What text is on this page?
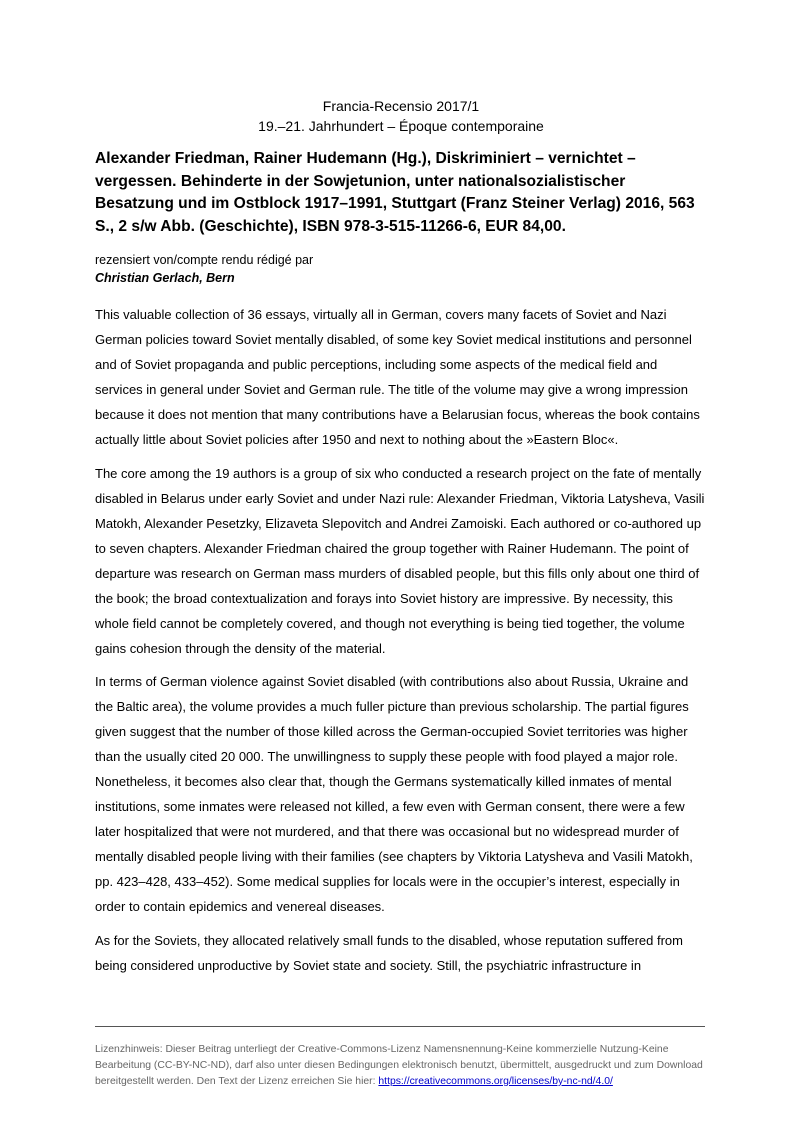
Francia-Recensio 2017/1
19.–21. Jahrhundert – Époque contemporaine
Alexander Friedman, Rainer Hudemann (Hg.), Diskriminiert – vernichtet – vergessen. Behinderte in der Sowjetunion, unter nationalsozialistischer Besatzung und im Ostblock 1917–1991, Stuttgart (Franz Steiner Verlag) 2016, 563 S., 2 s/w Abb. (Geschichte), ISBN 978-3-515-11266-6, EUR 84,00.
rezensiert von/compte rendu rédigé par
Christian Gerlach, Bern

This valuable collection of 36 essays, virtually all in German, covers many facets of Soviet and Nazi German policies toward Soviet mentally disabled, of some key Soviet medical institutions and personnel and of Soviet propaganda and public perceptions, including some aspects of the medical field and services in general under Soviet and German rule. The title of the volume may give a wrong impression because it does not mention that many contributions have a Belarusian focus, whereas the book contains actually little about Soviet policies after 1950 and next to nothing about the »Eastern Bloc«.

The core among the 19 authors is a group of six who conducted a research project on the fate of mentally disabled in Belarus under early Soviet and under Nazi rule: Alexander Friedman, Viktoria Latysheva, Vasili Matokh, Alexander Pesetzky, Elizaveta Slepovitch and Andrei Zamoiski. Each authored or co-authored up to seven chapters. Alexander Friedman chaired the group together with Rainer Hudemann. The point of departure was research on German mass murders of disabled people, but this fills only about one third of the book; the broad contextualization and forays into Soviet history are impressive. By necessity, this whole field cannot be completely covered, and though not everything is being tied together, the volume gains cohesion through the density of the material.

In terms of German violence against Soviet disabled (with contributions also about Russia, Ukraine and the Baltic area), the volume provides a much fuller picture than previous scholarship. The partial figures given suggest that the number of those killed across the German-occupied Soviet territories was higher than the usually cited 20 000. The unwillingness to supply these people with food played a major role. Nonetheless, it becomes also clear that, though the Germans systematically killed inmates of mental institutions, some inmates were released not killed, a few even with German consent, there were a few later hospitalized that were not murdered, and that there was occasional but no widespread murder of mentally disabled people living with their families (see chapters by Viktoria Latysheva and Vasili Matokh, pp. 423–428, 433–452). Some medical supplies for locals were in the occupier’s interest, especially in order to contain epidemics and venereal diseases.

As for the Soviets, they allocated relatively small funds to the disabled, whose reputation suffered from being considered unproductive by Soviet state and society. Still, the psychiatric infrastructure in

Lizenzhinweis: Dieser Beitrag unterliegt der Creative-Commons-Lizenz Namensnennung-Keine kommerzielle Nutzung-Keine Bearbeitung (CC-BY-NC-ND), darf also unter diesen Bedingungen elektronisch benutzt, übermittelt, ausgedruckt und zum Download bereitgestellt werden. Den Text der Lizenz erreichen Sie hier: https://creativecommons.org/licenses/by-nc-nd/4.0/
